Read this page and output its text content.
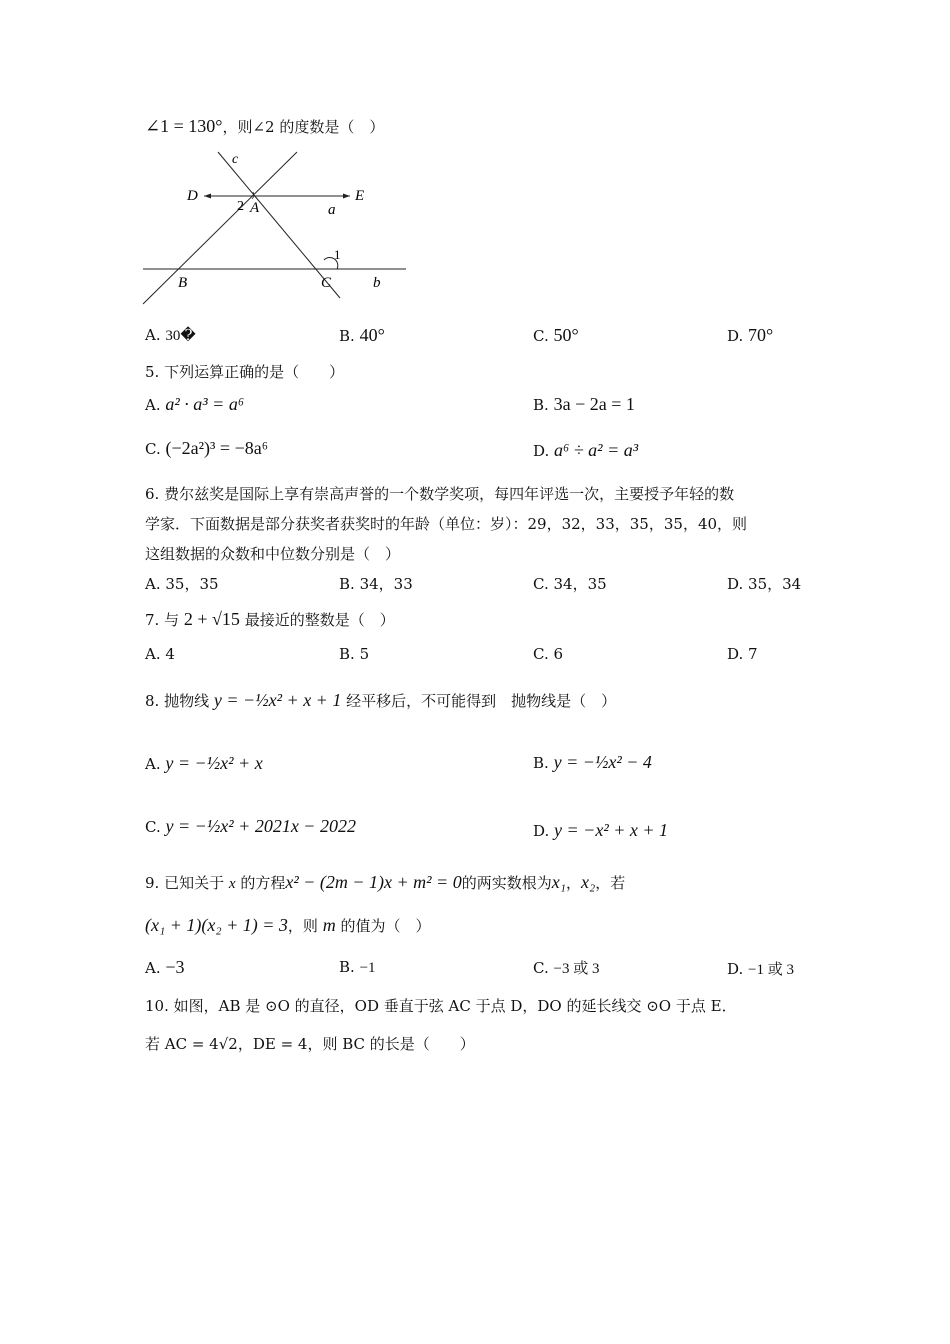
∠1 = 130°，则∠2 的度数是（　）
c
D	E
2 A	a
1
B	C	b
A. 30�	B. 40°	C. 50°	D. 70°
5. 下列运算正确的是（　　）
A. a² · a³ = a⁶	B. 3a − 2a = 1
C. (−2a²)³ = −8a⁶	D. a⁶ ÷ a² = a³
6. 费尔兹奖是国际上享有崇高声誉的一个数学奖项，每四年评选一次，主要授予年轻的数
学家．下面数据是部分获奖者获奖时的年龄（单位：岁）：29，32，33，35，35，40，则
这组数据的众数和中位数分别是（　）
A. 35，35	B. 34，33	C. 34，35	D. 35，34
7. 与 2 + √15 最接近的整数是（　）
A. 4	B. 5	C. 6	D. 7
8. 抛物线 y = −½x² + x + 1 经平移后，不可能得到　抛物线是（　）
A. y = −½x² + x	B. y = −½x² − 4
C. y = −½x² + 2021x − 2022	D. y = −x² + x + 1
9. 已知关于 x 的方程x² − (2m − 1)x + m² = 0的两实数根为x₁，x₂，若
(x₁ + 1)(x₂ + 1) = 3，则 m 的值为（　）
A. −3	B. −1	C. −3 或 3	D. −1 或 3
10. 如图，AB 是 ⊙O 的直径，OD 垂直于弦 AC 于点 D，DO 的延长线交 ⊙O 于点 E．
若 AC = 4√2，DE = 4，则 BC 的长是（　　）
